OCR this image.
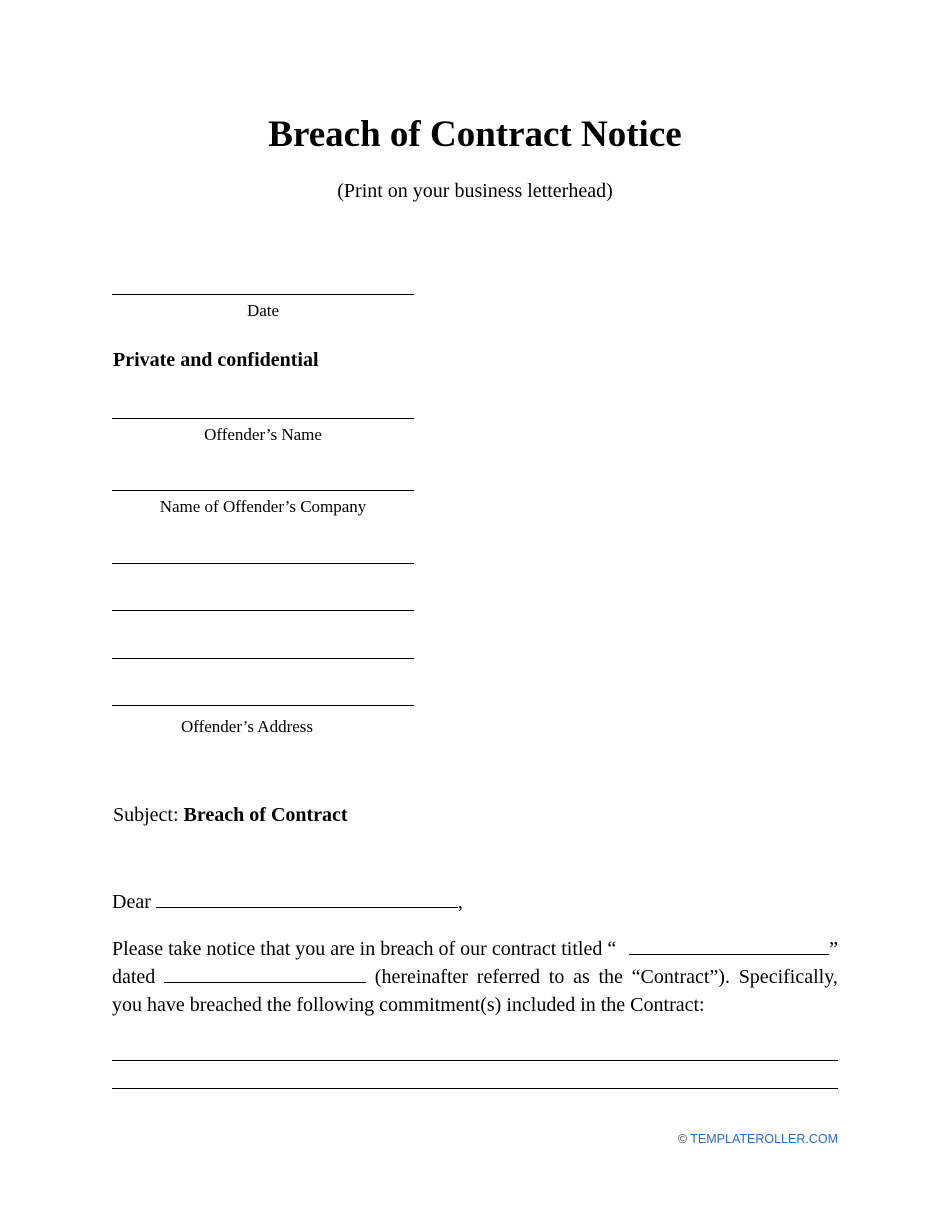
Breach of Contract Notice
(Print on your business letterhead)
Date
Private and confidential
Offender’s Name
Name of Offender’s Company
Offender’s Address
Subject: Breach of Contract
Dear	,
Please take notice that you are in breach of our contract titled “	”
dated	(hereinafter referred to as the “Contract”). Specifically,
you have breached the following commitment(s) included in the Contract:
© TEMPLATEROLLER.COM
